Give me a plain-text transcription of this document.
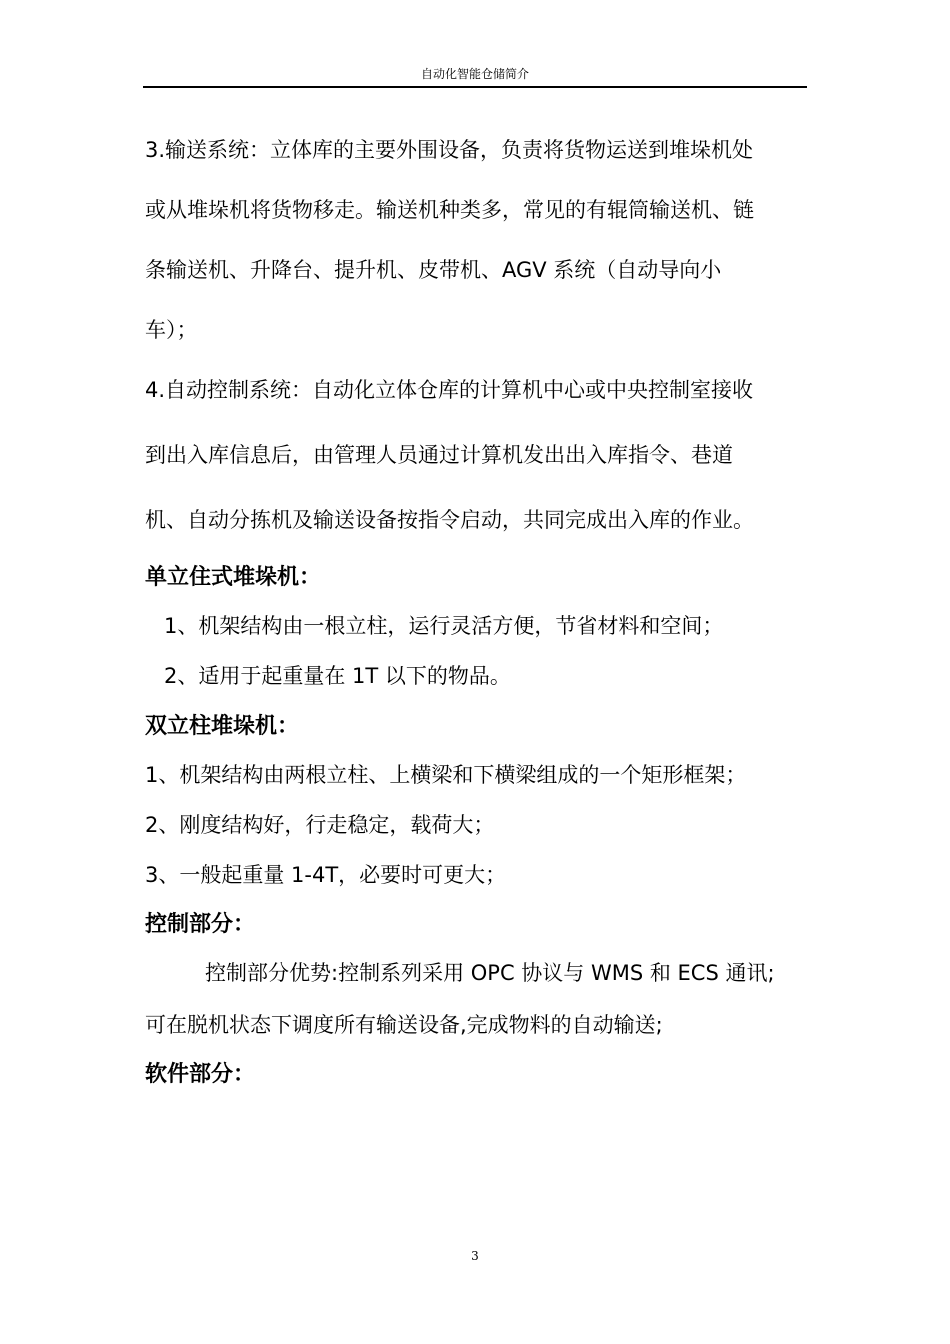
自动化智能仓储简介
3.输送系统：立体库的主要外围设备，负责将货物运送到堆垛机处
或从堆垛机将货物移走。输送机种类多，常见的有辊筒输送机、链
条输送机、升降台、提升机、皮带机、AGV 系统（自动导向小
车）；
4.自动控制系统：自动化立体仓库的计算机中心或中央控制室接收
到出入库信息后，由管理人员通过计算机发出出入库指令、巷道
机、自动分拣机及输送设备按指令启动，共同完成出入库的作业。
单立住式堆垛机：
1、机架结构由一根立柱，运行灵活方便，节省材料和空间；
2、适用于起重量在 1T 以下的物品。
双立柱堆垛机：
1、机架结构由两根立柱、上横梁和下横梁组成的一个矩形框架；
2、刚度结构好，行走稳定，载荷大；
3、一般起重量 1-4T，必要时可更大；
控制部分：
控制部分优势:控制系列采用 OPC 协议与 WMS 和 ECS 通讯;
可在脱机状态下调度所有输送设备,完成物料的自动输送;
软件部分：
3
